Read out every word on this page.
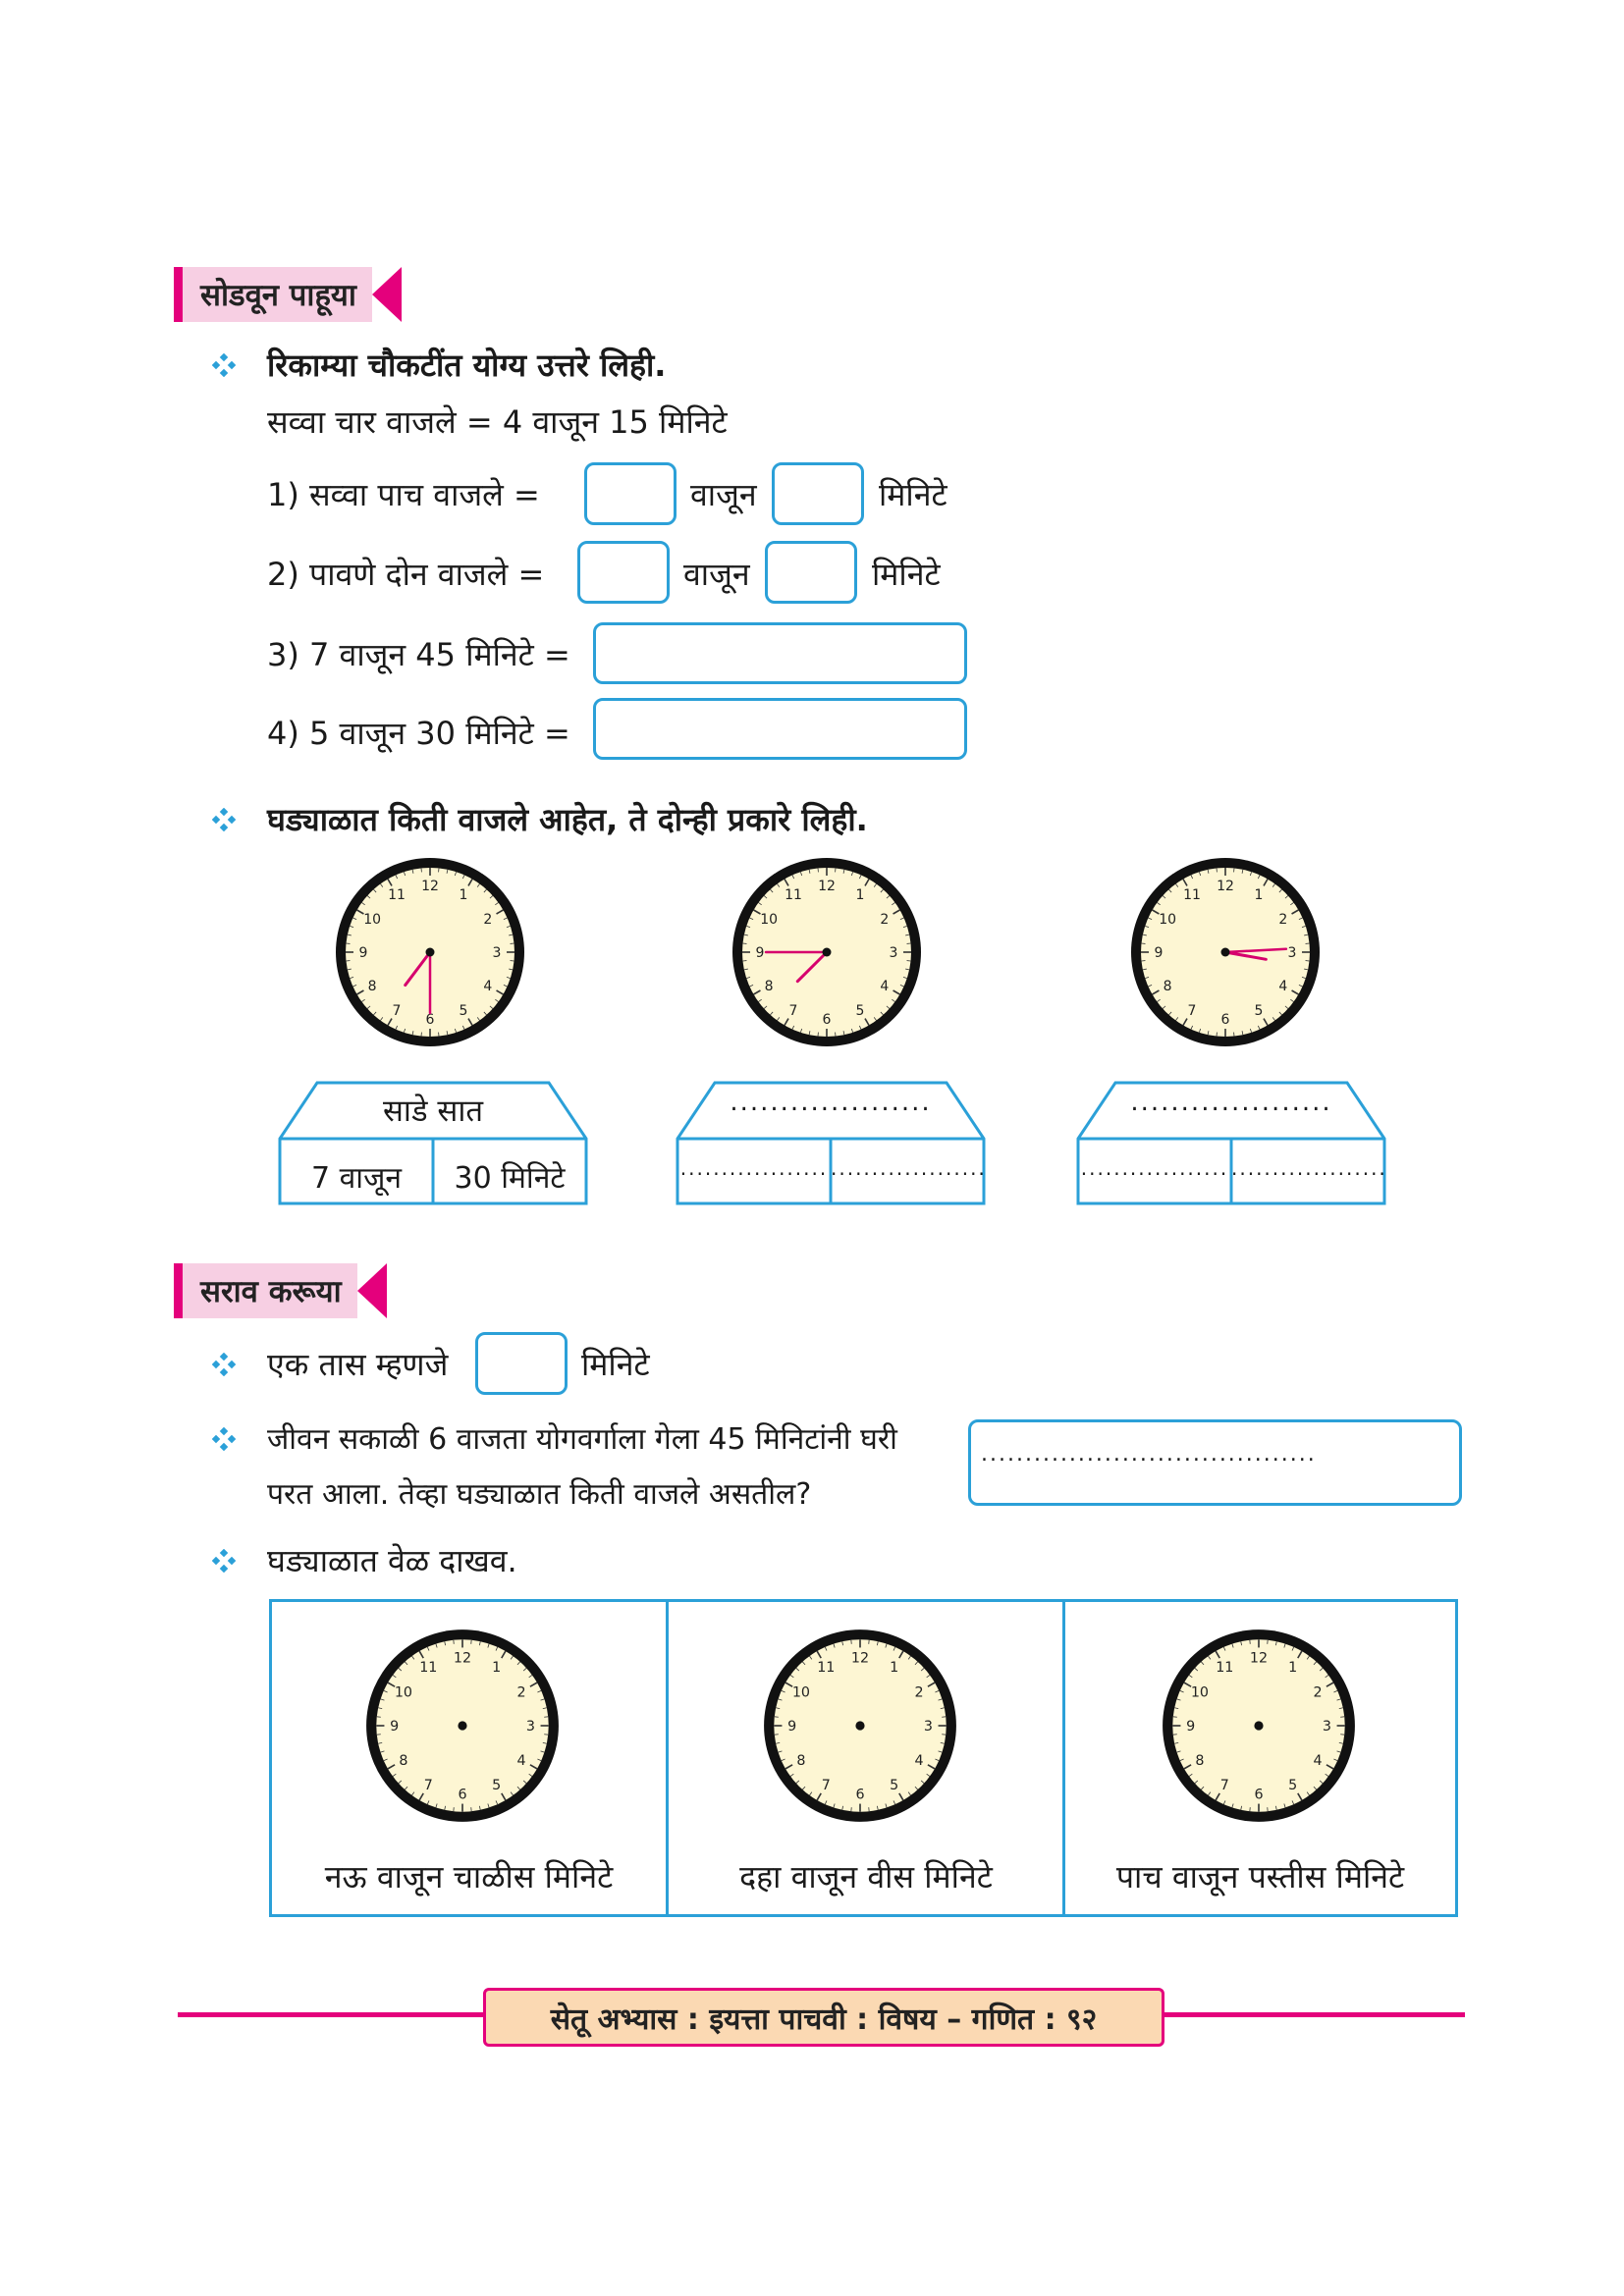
सोडवून पाहूया
रिकाम्या चौकटींत योग्य उत्तरे लिही.
सव्वा चार वाजले = 4 वाजून 15 मिनिटे
1) सव्वा पाच वाजले =	वाजून	मिनिटे
2) पावणे दोन वाजले =	वाजून	मिनिटे
3) 7 वाजून 45 मिनिटे =
4) 5 वाजून 30 मिनिटे =
घड्याळात किती वाजले आहेत, ते दोन्ही प्रकारे लिही.
1
2
3
4
5
6
7
8
9
10
11
12
1
2
3
4
5
6
7
8
9
10
11
12
1
2
3
4
5
6
7
8
9
10
11
12
साडे सात
7 वाजून	30 मिनिटे
....................
.................. ...................
....................
.................. ...................
सराव करूया
एक तास म्हणजे	मिनिटे
जीवन सकाळी 6 वाजता योगवर्गाला गेला 45 मिनिटांनी घरी
परत आला. तेव्हा घड्याळात किती वाजले असतील?
......................................
घड्याळात वेळ दाखव.
1
2
3
4
5
6
7
8
9
10
11
12
1
2
3
4
5
6
7
8
9
10
11
12
1
2
3
4
5
6
7
8
9
10
11
12
नऊ वाजून चाळीस मिनिटे	दहा वाजून वीस मिनिटे	पाच वाजून पस्तीस मिनिटे
सेतू अभ्यास : इयत्ता पाचवी : विषय – गणित : ९२
